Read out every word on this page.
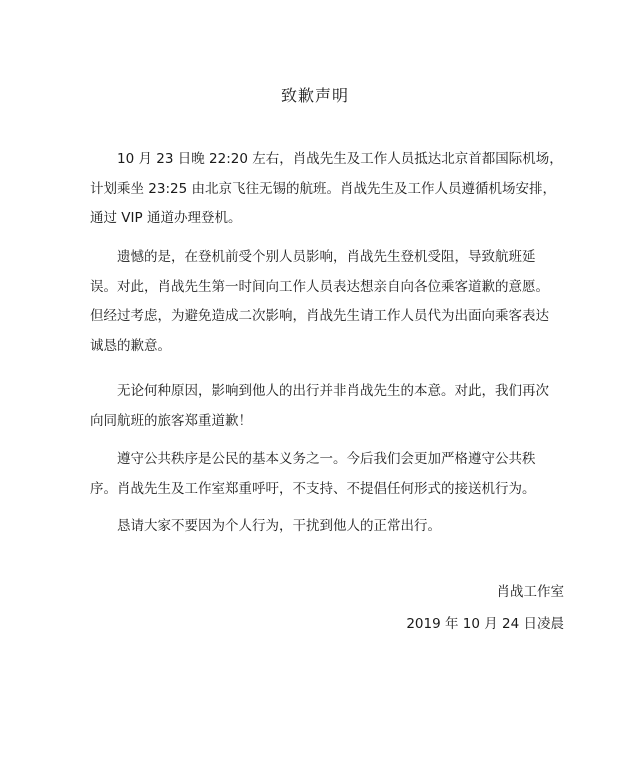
致歉声明
10 月 23 日晚 22:20 左右，肖战先生及工作人员抵达北京首都国际机场，
计划乘坐 23:25 由北京飞往无锡的航班。肖战先生及工作人员遵循机场安排，
通过 VIP 通道办理登机。
遗憾的是，在登机前受个别人员影响，肖战先生登机受阻，导致航班延
误。对此，肖战先生第一时间向工作人员表达想亲自向各位乘客道歉的意愿。
但经过考虑，为避免造成二次影响，肖战先生请工作人员代为出面向乘客表达
诚恳的歉意。
无论何种原因，影响到他人的出行并非肖战先生的本意。对此，我们再次
向同航班的旅客郑重道歉！
遵守公共秩序是公民的基本义务之一。今后我们会更加严格遵守公共秩
序。肖战先生及工作室郑重呼吁，不支持、不提倡任何形式的接送机行为。
恳请大家不要因为个人行为，干扰到他人的正常出行。
肖战工作室
2019 年 10 月 24 日凌晨
